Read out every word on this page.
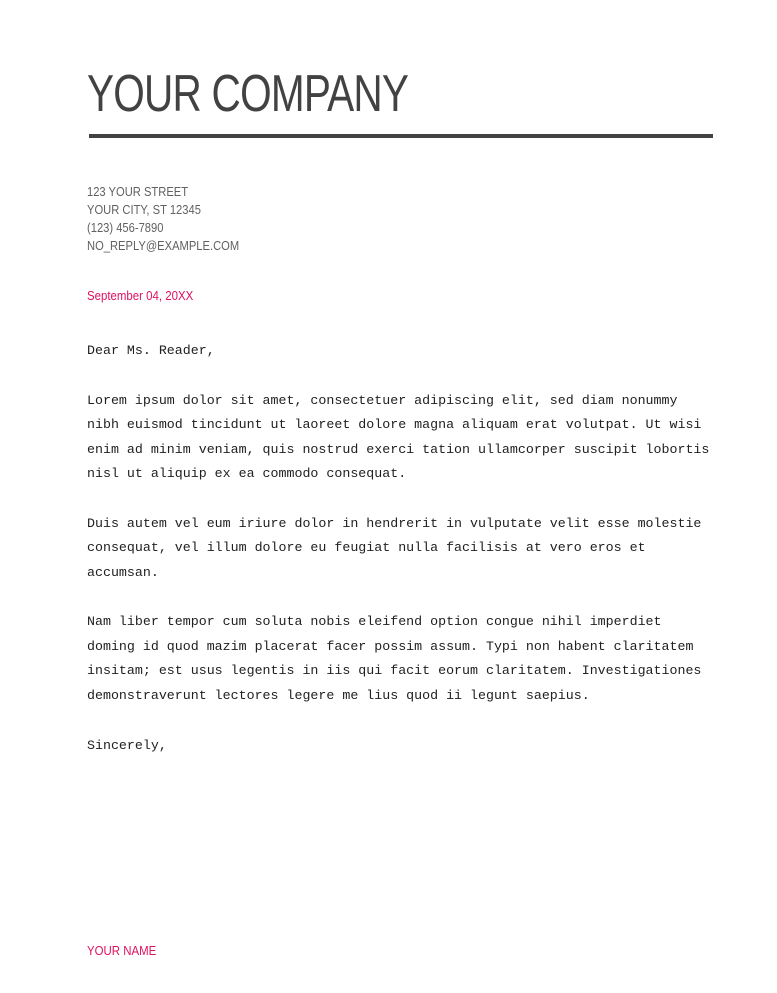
YOUR COMPANY
123 YOUR STREET
YOUR CITY, ST 12345
(123) 456-7890
NO_REPLY@EXAMPLE.COM
September 04, 20XX

Dear Ms. Reader,

Lorem ipsum dolor sit amet, consectetuer adipiscing elit, sed diam nonummy
nibh euismod tincidunt ut laoreet dolore magna aliquam erat volutpat. Ut wisi
enim ad minim veniam, quis nostrud exerci tation ullamcorper suscipit lobortis
nisl ut aliquip ex ea commodo consequat.

Duis autem vel eum iriure dolor in hendrerit in vulputate velit esse molestie
consequat, vel illum dolore eu feugiat nulla facilisis at vero eros et
accumsan.

Nam liber tempor cum soluta nobis eleifend option congue nihil imperdiet
doming id quod mazim placerat facer possim assum. Typi non habent claritatem
insitam; est usus legentis in iis qui facit eorum claritatem. Investigationes
demonstraverunt lectores legere me lius quod ii legunt saepius.

Sincerely,
YOUR NAME
